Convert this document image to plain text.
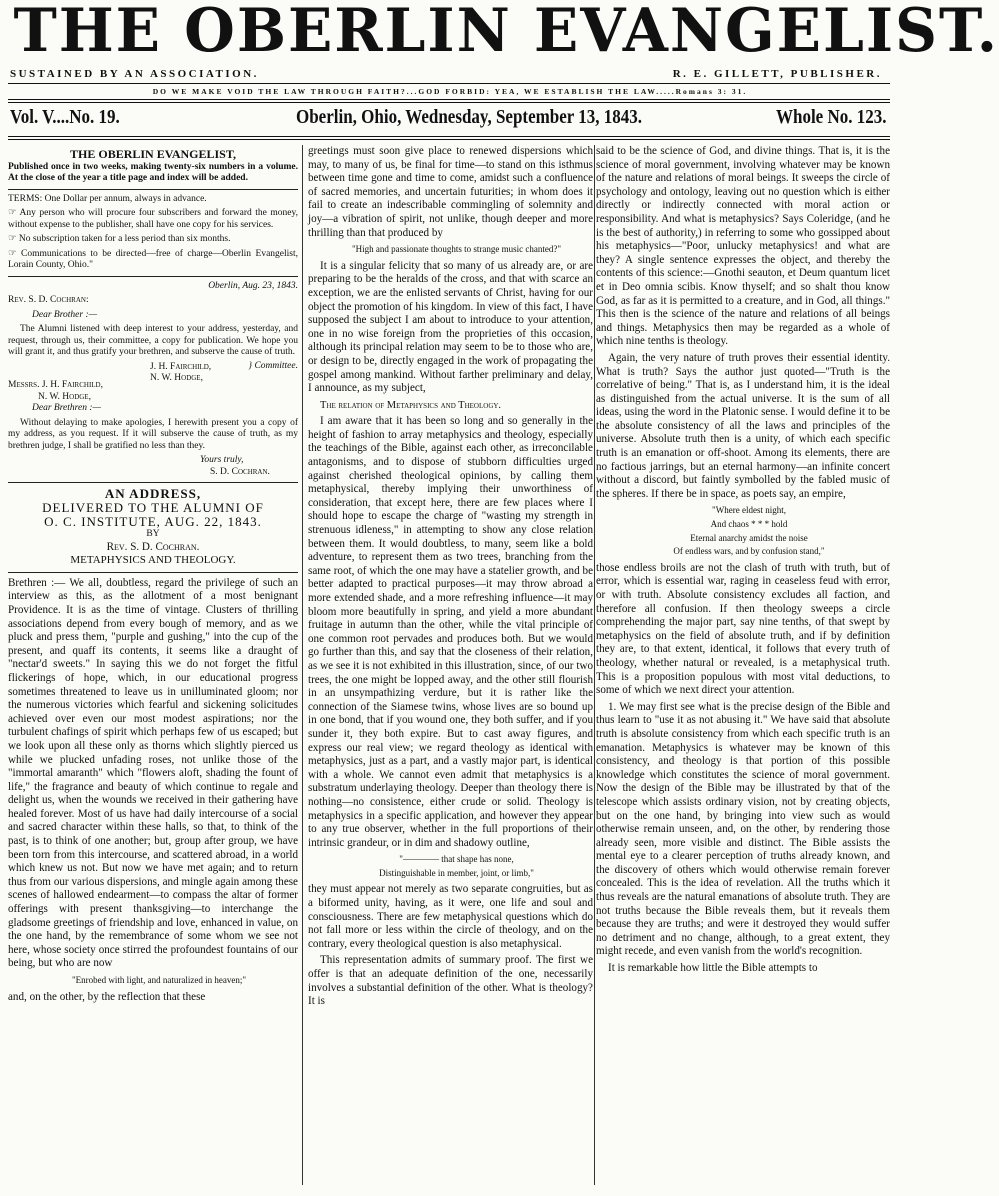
THE OBERLIN EVANGELIST.
SUSTAINED BY AN ASSOCIATION.	R. E. GILLETT, PUBLISHER.
DO WE MAKE VOID THE LAW THROUGH FAITH?...GOD FORBID: YEA, WE ESTABLISH THE LAW.....Romans 3: 31.
Vol. V....No. 19.	Oberlin, Ohio, Wednesday, September 13, 1843.	Whole No. 123.
THE OBERLIN EVANGELIST,

Published once in two weeks, making twenty-six numbers in a volume. At the close of the year a title page and index will be added.

TERMS: One Dollar per annum, always in advance.

☞ Any person who will procure four subscribers and forward the money, without expense to the publisher, shall have one copy for his services.

☞ No subscription taken for a less period than six months.

☞ Communications to be directed—free of charge—Oberlin Evangelist, Lorain County, Ohio."

Oberlin, Aug. 23, 1843.

Rev. S. D. Cochran:

Dear Brother :—

The Alumni listened with deep interest to your address, yesterday, and request, through us, their committee, a copy for publication. We hope you will grant it, and thus gratify your brethren, and subserve the cause of truth.

J. H. Fairchild,

N. W. Hodge,

} Committee.

Messrs. J. H. Fairchild,

N. W. Hodge,

Dear Brethren :—

Without delaying to make apologies, I herewith present you a copy of my address, as you request. If it will subserve the cause of truth, as my brethren judge, I shall be gratified no less than they.

Yours truly,

S. D. Cochran.

AN ADDRESS,
DELIVERED TO THE ALUMNI OF
O. C. INSTITUTE, AUG. 22, 1843.
BY
Rev. S. D. Cochran.
METAPHYSICS AND THEOLOGY.

Brethren :— We all, doubtless, regard the privilege of such an interview as this, as the allotment of a most benignant Providence. It is as the time of vintage. Clusters of thrilling associations depend from every bough of memory, and as we pluck and press them, "purple and gushing," into the cup of the present, and quaff its contents, it seems like a draught of "nectar'd sweets." In saying this we do not forget the fitful flickerings of hope, which, in our educational progress sometimes threatened to leave us in unilluminated gloom; nor the numerous victories which fearful and sickening solicitudes achieved over even our most modest aspirations; nor the turbulent chafings of spirit which perhaps few of us escaped; but we look upon all these only as thorns which slightly pierced us while we plucked unfading roses, not unlike those of the "immortal amaranth" which "flowers aloft, shading the fount of life," the fragrance and beauty of which continue to regale and delight us, when the wounds we received in their gathering have healed forever. Most of us have had daily intercourse of a social and sacred character within these halls, so that, to think of the past, is to think of one another; but, group after group, we have been torn from this intercourse, and scattered abroad, in a world which knew us not. But now we have met again; and to return thus from our various dispersions, and mingle again among these scenes of hallowed endearment—to compass the altar of former offerings with present thanksgiving—to interchange the gladsome greetings of friendship and love, enhanced in value, on the one hand, by the remembrance of some whom we see not here, whose society once stirred the profoundest fountains of our being, but who are now

"Enrobed with light, and naturalized in heaven;"

and, on the other, by the reflection that these

greetings must soon give place to renewed dispersions which may, to many of us, be final for time—to stand on this isthmus between time gone and time to come, amidst such a confluence of sacred memories, and uncertain futurities; in whom does it fail to create an indescribable commingling of solemnity and joy—a vibration of spirit, not unlike, though deeper and more thrilling than that produced by

"High and passionate thoughts to strange music chanted?"

It is a singular felicity that so many of us already are, or are preparing to be the heralds of the cross, and that with scarce an exception, we are the enlisted servants of Christ, having for our object the promotion of his kingdom. In view of this fact, I have supposed the subject I am about to introduce to your attention, one in no wise foreign from the proprieties of this occasion, although its principal relation may seem to be to those who are, or design to be, directly engaged in the work of propagating the gospel among mankind. Without farther preliminary and delay, I announce, as my subject,

The relation of Metaphysics and Theology.

I am aware that it has been so long and so generally in the height of fashion to array metaphysics and theology, especially the teachings of the Bible, against each other, as irreconcilable antagonisms, and to dispose of stubborn difficulties urged against cherished theological opinions, by calling them metaphysical, thereby implying their unworthiness of consideration, that except here, there are few places where I should hope to escape the charge of "wasting my strength in strenuous idleness," in attempting to show any close relation between them. It would doubtless, to many, seem like a bold adventure, to represent them as two trees, branching from the same root, of which the one may have a statelier growth, and be better adapted to practical purposes—it may throw abroad a more extended shade, and a more refreshing influence—it may bloom more beautifully in spring, and yield a more abundant fruitage in autumn than the other, while the vital principle of one common root pervades and produces both. But we would go further than this, and say that the closeness of their relation, as we see it is not exhibited in this illustration, since, of our two trees, the one might be lopped away, and the other still flourish in an unsympathizing verdure, but it is rather like the connection of the Siamese twins, whose lives are so bound up in one bond, that if you wound one, they both suffer, and if you sunder it, they both expire. But to cast away figures, and express our real view; we regard theology as identical with metaphysics, just as a part, and a vastly major part, is identical with a whole. We cannot even admit that metaphysics is a substratum underlaying theology. Deeper than theology there is nothing—no consistence, either crude or solid. Theology is metaphysics in a specific application, and however they appear to any true observer, whether in the full proportions of their intrinsic grandeur, or in dim and shadowy outline,

"———— that shape has none,

Distinguishable in member, joint, or limb,"

they must appear not merely as two separate congruities, but as a biformed unity, having, as it were, one life and soul and consciousness. There are few metaphysical questions which do not fall more or less within the circle of theology, and on the contrary, every theological question is also metaphysical.

This representation admits of summary proof. The first we offer is that an adequate definition of the one, necessarily involves a substantial definition of the other. What is theology? It is

said to be the science of God, and divine things. That is, it is the science of moral government, involving whatever may be known of the nature and relations of moral beings. It sweeps the circle of psychology and ontology, leaving out no question which is either directly or indirectly connected with moral action or responsibility. And what is metaphysics? Says Coleridge, (and he is the best of authority,) in referring to some who gossipped about his metaphysics—"Poor, unlucky metaphysics! and what are they? A single sentence expresses the object, and thereby the contents of this science:—Gnothi seauton, et Deum quantum licet et in Deo omnia scibis. Know thyself; and so shalt thou know God, as far as it is permitted to a creature, and in God, all things." This then is the science of the nature and relations of all beings and things. Metaphysics then may be regarded as a whole of which nine tenths is theology.

Again, the very nature of truth proves their essential identity. What is truth? Says the author just quoted—"Truth is the correlative of being." That is, as I understand him, it is the ideal as distinguished from the actual universe. It is the sum of all ideas, using the word in the Platonic sense. I would define it to be the absolute consistency of all the laws and principles of the universe. Absolute truth then is a unity, of which each specific truth is an emanation or off-shoot. Among its elements, there are no factious jarrings, but an eternal harmony—an infinite concert without a discord, but faintly symbolled by the fabled music of the spheres. If there be in space, as poets say, an empire,

"Where eldest night,

And chaos * * * hold

Eternal anarchy amidst the noise

Of endless wars, and by confusion stand,"

those endless broils are not the clash of truth with truth, but of error, which is essential war, raging in ceaseless feud with error, or with truth. Absolute consistency excludes all faction, and therefore all confusion. If then theology sweeps a circle comprehending the major part, say nine tenths, of that swept by metaphysics on the field of absolute truth, and if by definition they are, to that extent, identical, it follows that every truth of theology, whether natural or revealed, is a metaphysical truth. This is a proposition populous with most vital deductions, to some of which we next direct your attention.

1. We may first see what is the precise design of the Bible and thus learn to "use it as not abusing it." We have said that absolute truth is absolute consistency from which each specific truth is an emanation. Metaphysics is whatever may be known of this consistency, and theology is that portion of this possible knowledge which constitutes the science of moral government. Now the design of the Bible may be illustrated by that of the telescope which assists ordinary vision, not by creating objects, but on the one hand, by bringing into view such as would otherwise remain unseen, and, on the other, by rendering those already seen, more visible and distinct. The Bible assists the mental eye to a clearer perception of truths already known, and the discovery of others which would otherwise remain forever concealed. This is the idea of revelation. All the truths which it thus reveals are the natural emanations of absolute truth. They are not truths because the Bible reveals them, but it reveals them because they are truths; and were it destroyed they would suffer no detriment and no change, although, to a great extent, they might recede, and even vanish from the world's recognition.

It is remarkable how little the Bible attempts to
